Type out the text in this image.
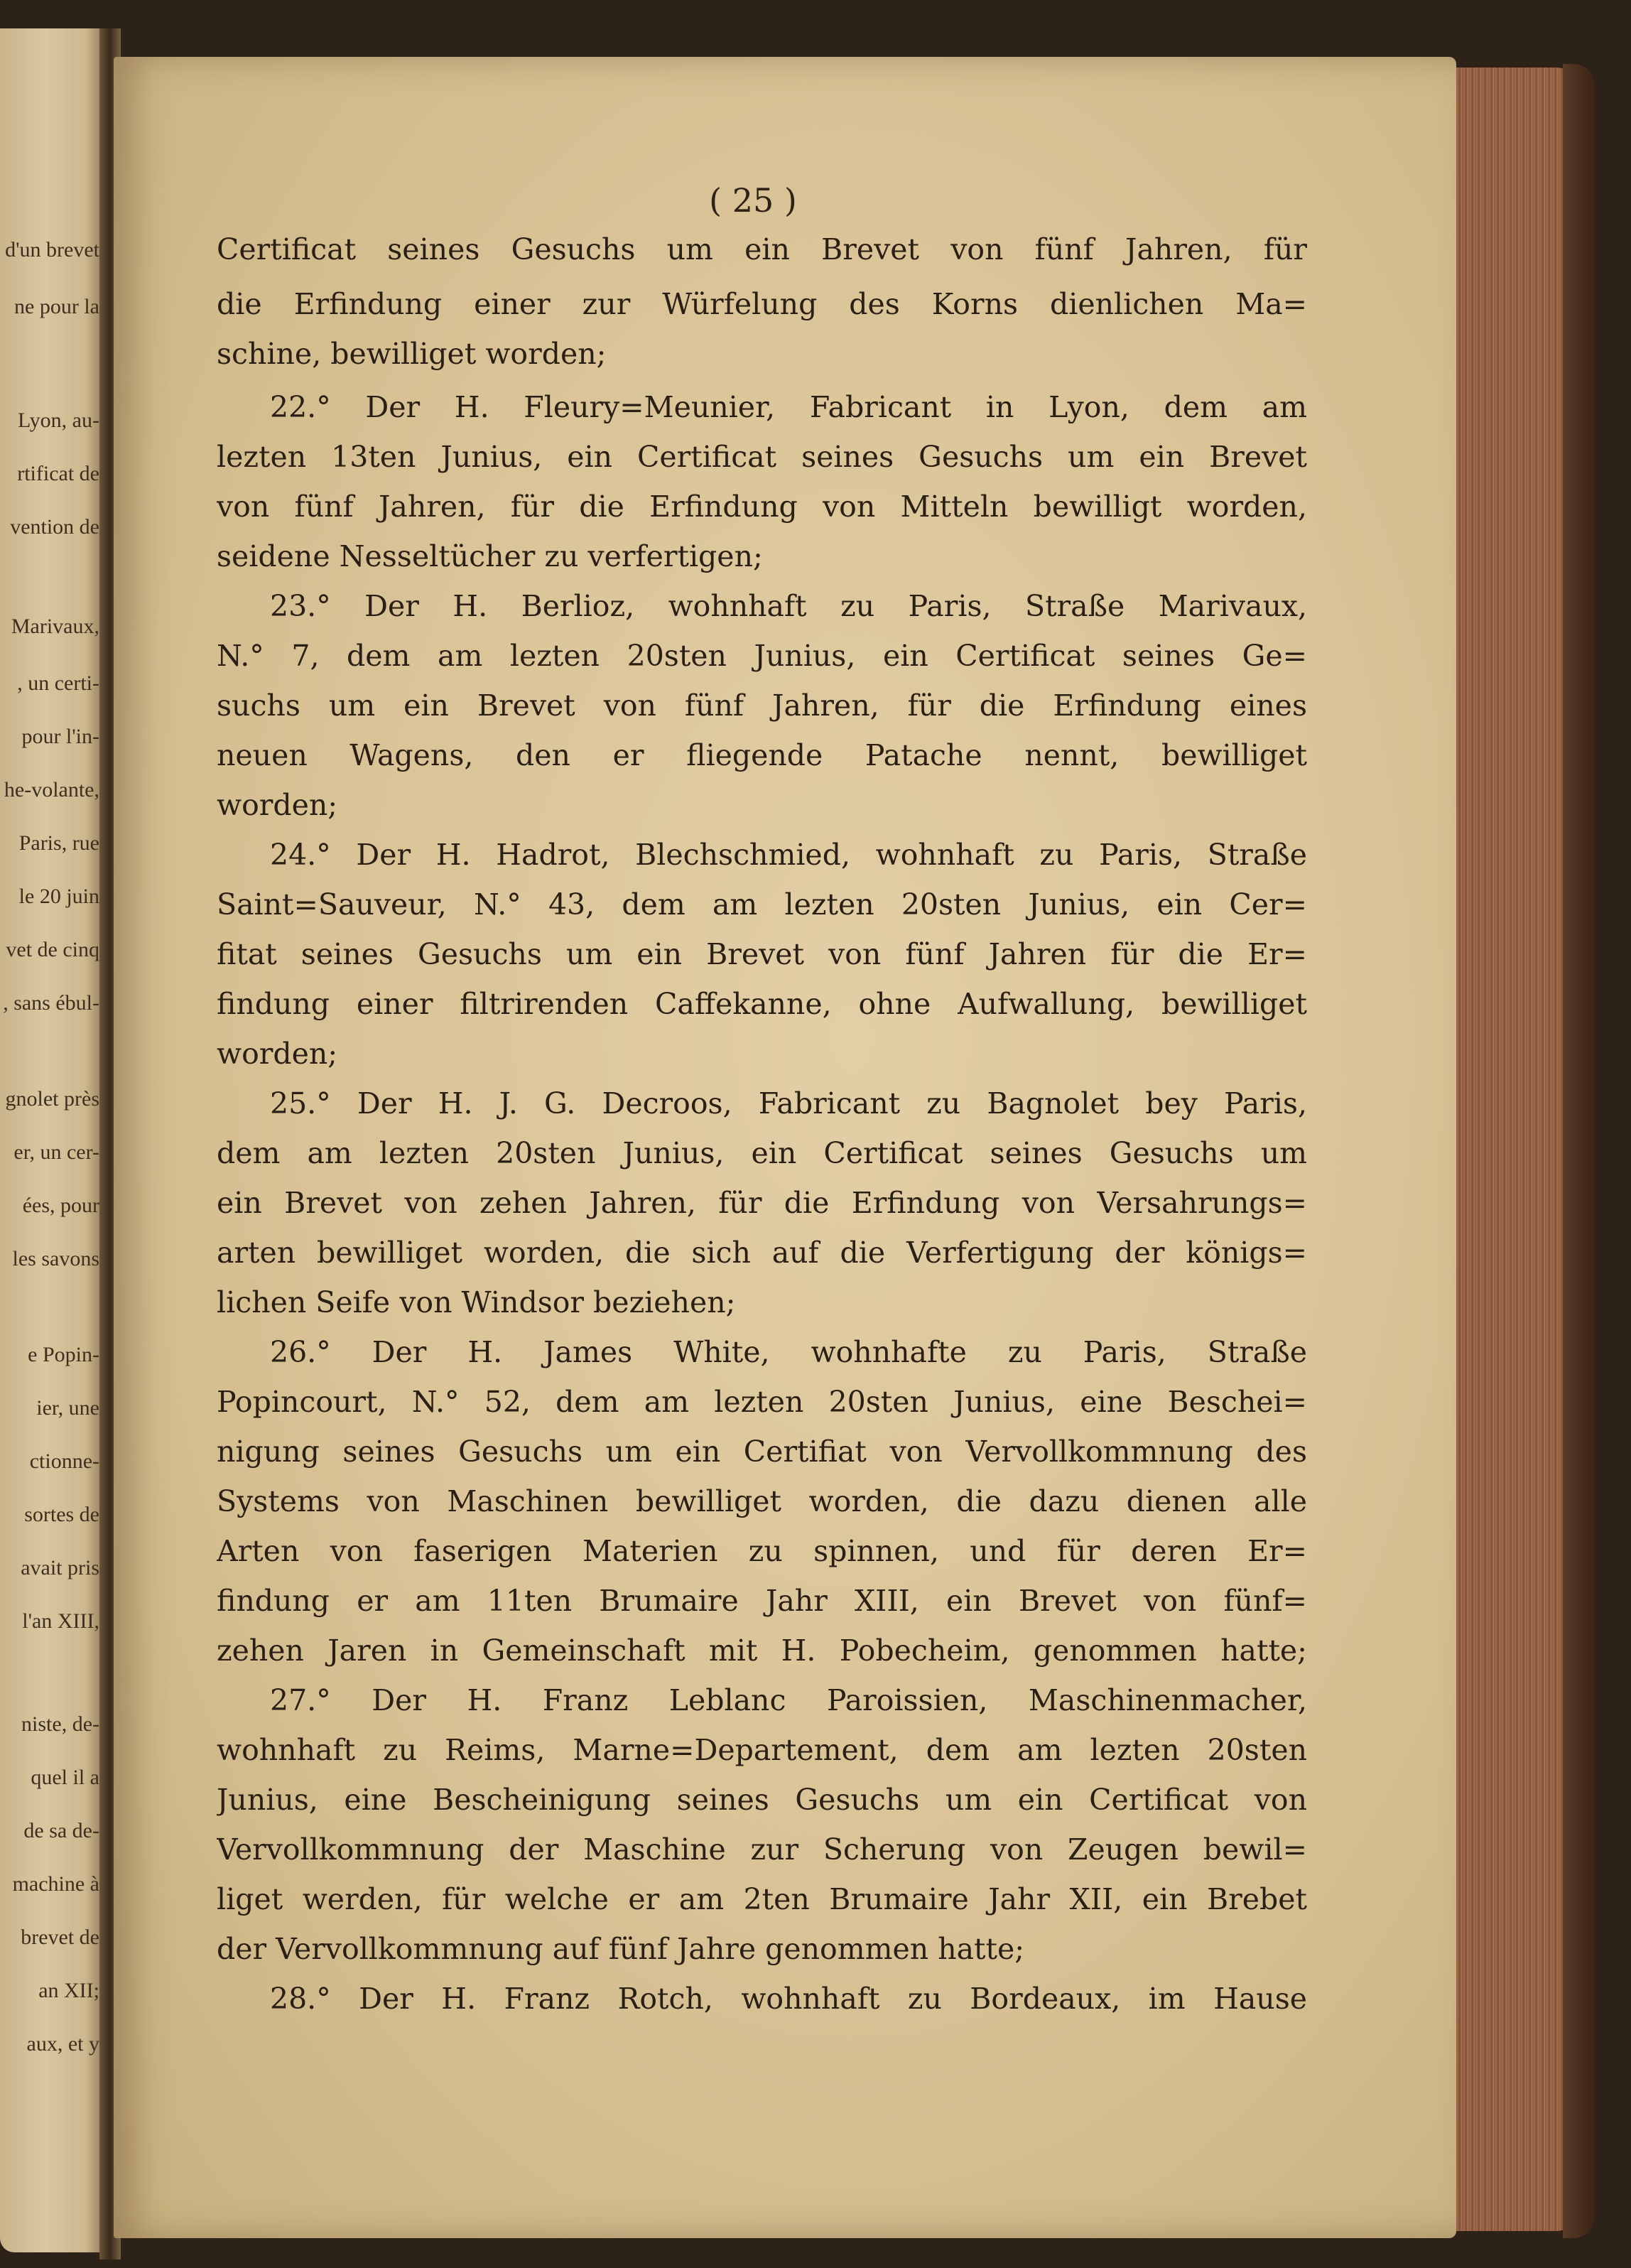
d'un brevet
ne pour la
Lyon, au-
rtificat de
vention de
Marivaux,
, un certi-
pour l'in-
he-volante,
Paris, rue
le 20 juin
vet de cinq
, sans ébul-
gnolet près
er, un cer-
ées, pour
les savons
e Popin-
ier, une
ctionne-
sortes de
avait pris
l'an XIII,
niste, de-
quel il a
de sa de-
machine à
brevet de
an XII;
aux, et y
( 25 )
Certificat seines Gesuchs um ein Brevet von fünf Jahren, für
die Erfindung einer zur Würfelung des Korns dienlichen Ma=
schine, bewilliget worden;
22.° Der H. Fleury=Meunier, Fabricant in Lyon, dem am
lezten 13ten Junius, ein Certificat seines Gesuchs um ein Brevet
von fünf Jahren, für die Erfindung von Mitteln bewilligt worden,
seidene Nesseltücher zu verfertigen;
23.° Der H. Berlioz, wohnhaft zu Paris, Straße Marivaux,
N.° 7, dem am lezten 20sten Junius, ein Certificat seines Ge=
suchs um ein Brevet von fünf Jahren, für die Erfindung eines
neuen Wagens, den er fliegende Patache nennt, bewilliget
worden;
24.° Der H. Hadrot, Blechschmied, wohnhaft zu Paris, Straße
Saint=Sauveur, N.° 43, dem am lezten 20sten Junius, ein Cer=
fitat seines Gesuchs um ein Brevet von fünf Jahren für die Er=
findung einer filtrirenden Caffekanne, ohne Aufwallung, bewilliget
worden;
25.° Der H. J. G. Decroos, Fabricant zu Bagnolet bey Paris,
dem am lezten 20sten Junius, ein Certificat seines Gesuchs um
ein Brevet von zehen Jahren, für die Erfindung von Versahrungs=
arten bewilliget worden, die sich auf die Verfertigung der königs=
lichen Seife von Windsor beziehen;
26.° Der H. James White, wohnhafte zu Paris, Straße
Popincourt, N.° 52, dem am lezten 20sten Junius, eine Beschei=
nigung seines Gesuchs um ein Certifiat von Vervollkommnung des
Systems von Maschinen bewilliget worden, die dazu dienen alle
Arten von faserigen Materien zu spinnen, und für deren Er=
findung er am 11ten Brumaire Jahr XIII, ein Brevet von fünf=
zehen Jaren in Gemeinschaft mit H. Pobecheim, genommen hatte;
27.° Der H. Franz Leblanc Paroissien, Maschinenmacher,
wohnhaft zu Reims, Marne=Departement, dem am lezten 20sten
Junius, eine Bescheinigung seines Gesuchs um ein Certificat von
Vervollkommnung der Maschine zur Scherung von Zeugen bewil=
liget werden, für welche er am 2ten Brumaire Jahr XII, ein Brebet
der Vervollkommnung auf fünf Jahre genommen hatte;
28.° Der H. Franz Rotch, wohnhaft zu Bordeaux, im Hause
